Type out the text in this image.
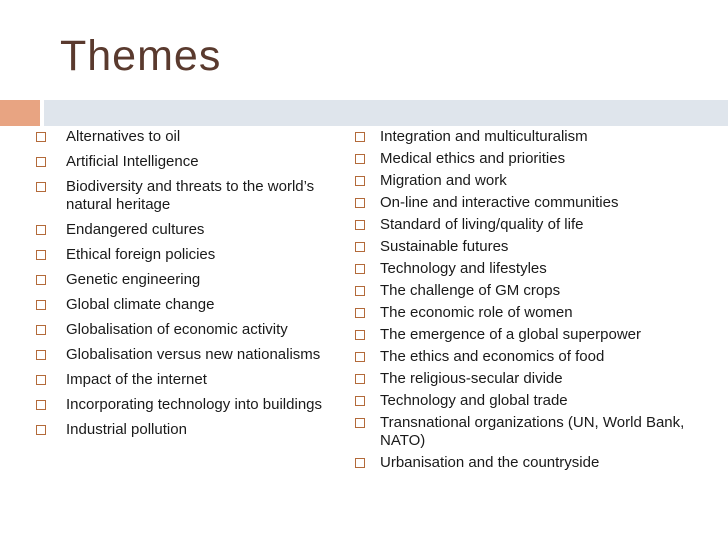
Themes
Alternatives to oil
Artificial Intelligence
Biodiversity and threats to the world’s natural heritage
Endangered cultures
Ethical foreign policies
Genetic engineering
Global climate change
Globalisation of economic activity
Globalisation versus new nationalisms
Impact of the internet
Incorporating technology into buildings
Industrial pollution
Integration and multiculturalism
Medical ethics and priorities
Migration and work
On-line and interactive communities
Standard of living/quality of life
Sustainable futures
Technology and lifestyles
The challenge of GM crops
The economic role of women
The emergence of a global superpower
The ethics and economics of food
The religious-secular divide
Technology and global trade
Transnational organizations (UN, World Bank, NATO)
Urbanisation and the countryside
